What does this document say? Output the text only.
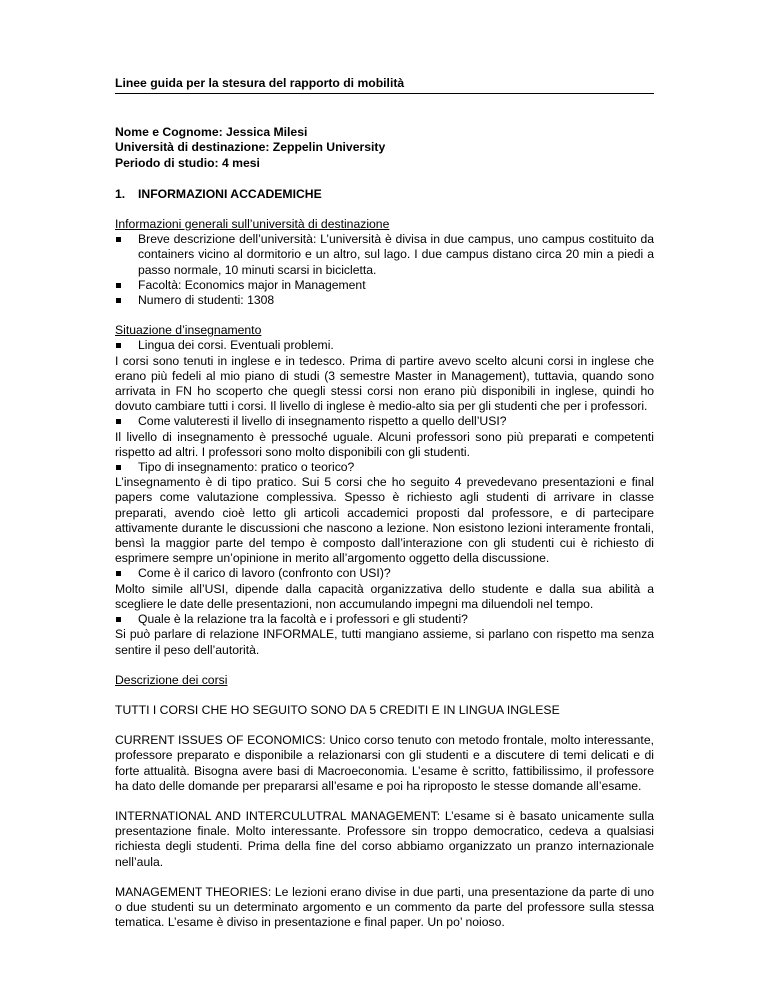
Linee guida per la stesura del rapporto di mobilità

Nome e Cognome: Jessica Milesi

Università di destinazione: Zeppelin University

Periodo di studio: 4 mesi

1.	INFORMAZIONI ACCADEMICHE

Informazioni generali sull’università di destinazione

Breve descrizione dell’università: L’università è divisa in due campus, uno campus costituito da containers vicino al dormitorio e un altro, sul lago. I due campus distano circa 20 min a piedi a passo normale, 10 minuti scarsi in bicicletta.
Facoltà: Economics major in Management
Numero di studenti: 1308

Situazione d’insegnamento

Lingua dei corsi. Eventuali problemi.

I corsi sono tenuti in inglese e in tedesco. Prima di partire avevo scelto alcuni corsi in inglese che erano più fedeli al mio piano di studi (3 semestre Master in Management), tuttavia, quando sono arrivata in FN ho scoperto che quegli stessi corsi non erano più disponibili in inglese, quindi ho dovuto cambiare tutti i corsi. Il livello di inglese è medio-alto sia per gli studenti che per i professori.

Come valuteresti il livello di insegnamento rispetto a quello dell’USI?

Il livello di insegnamento è pressoché uguale. Alcuni professori sono più preparati e competenti rispetto ad altri. I professori sono molto disponibili con gli studenti.

Tipo di insegnamento: pratico o teorico?

L’insegnamento è di tipo pratico. Sui 5 corsi che ho seguito 4 prevedevano presentazioni e final papers come valutazione complessiva. Spesso è richiesto agli studenti di arrivare in classe preparati, avendo cioè letto gli articoli accademici proposti dal professore, e di partecipare attivamente durante le discussioni che nascono a lezione. Non esistono lezioni interamente frontali, bensì la maggior parte del tempo è composto dall’interazione con gli studenti cui è richiesto di esprimere sempre un’opinione in merito all’argomento oggetto della discussione.

Come è il carico di lavoro (confronto con USI)?

Molto simile all’USI, dipende dalla capacità organizzativa dello studente e dalla sua abilità a scegliere le date delle presentazioni, non accumulando impegni ma diluendoli nel tempo.

Quale è la relazione tra la facoltà e i professori e gli studenti?

Si può parlare di relazione INFORMALE, tutti mangiano assieme, si parlano con rispetto ma senza sentire il peso dell’autorità.

Descrizione dei corsi

TUTTI I CORSI CHE HO SEGUITO SONO DA 5 CREDITI E IN LINGUA INGLESE

CURRENT ISSUES OF ECONOMICS: Unico corso tenuto con metodo frontale, molto interessante, professore preparato e disponibile a relazionarsi con gli studenti e a discutere di temi delicati e di forte attualità. Bisogna avere basi di Macroeconomia. L’esame è scritto, fattibilissimo, il professore ha dato delle domande per prepararsi all’esame e poi ha riproposto le stesse domande all’esame.

INTERNATIONAL AND INTERCULUTRAL MANAGEMENT: L’esame si è basato unicamente sulla presentazione finale. Molto interessante. Professore sin troppo democratico, cedeva a qualsiasi richiesta degli studenti. Prima della fine del corso abbiamo organizzato un pranzo internazionale nell’aula.

MANAGEMENT THEORIES: Le lezioni erano divise in due parti, una presentazione da parte di uno o due studenti su un determinato argomento e un commento da parte del professore sulla stessa tematica. L’esame è diviso in presentazione e final paper. Un po’ noioso.
